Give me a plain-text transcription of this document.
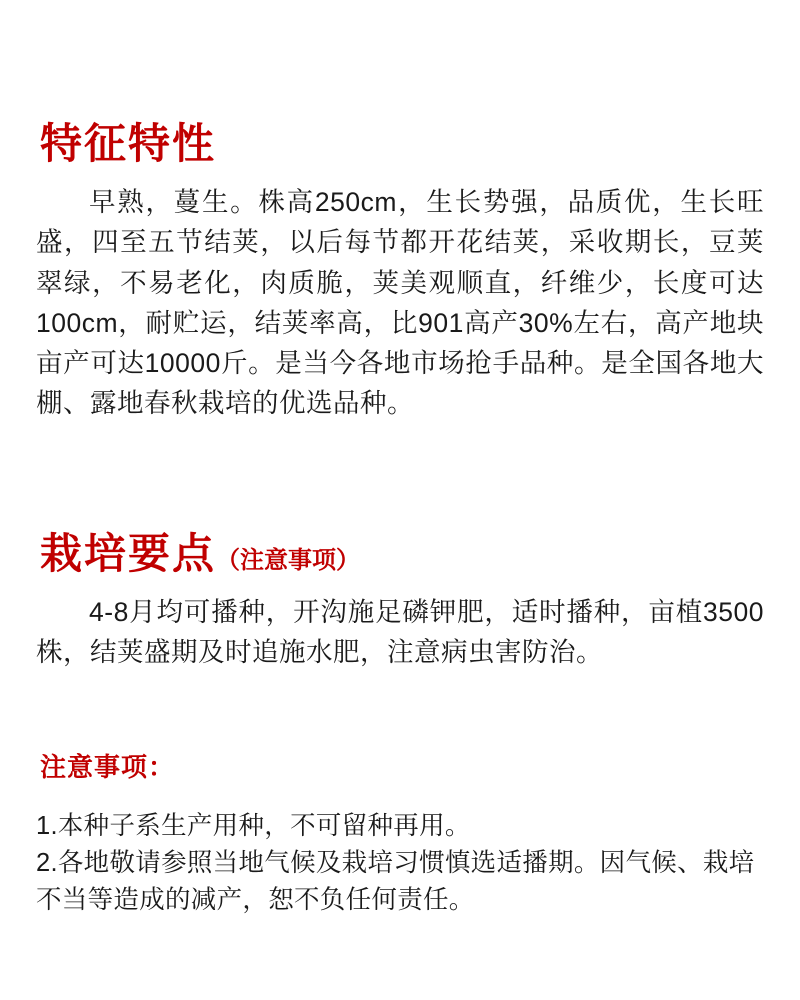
特征特性

早熟，蔓生。株高250cm，生长势强，品质优，生长旺盛，四至五节结荚，以后每节都开花结荚，采收期长，豆荚翠绿，不易老化，肉质脆，荚美观顺直，纤维少，长度可达100cm，耐贮运，结荚率高，比901高产30%左右，高产地块亩产可达10000斤。是当今各地市场抢手品种。是全国各地大棚、露地春秋栽培的优选品种。

栽培要点（注意事项）

4-8月均可播种，开沟施足磷钾肥，适时播种，亩植3500株，结荚盛期及时追施水肥，注意病虫害防治。

注意事项：

1.本种子系生产用种，不可留种再用。

2.各地敬请参照当地气候及栽培习惯慎选适播期。因气候、栽培不当等造成的减产，恕不负任何责任。
